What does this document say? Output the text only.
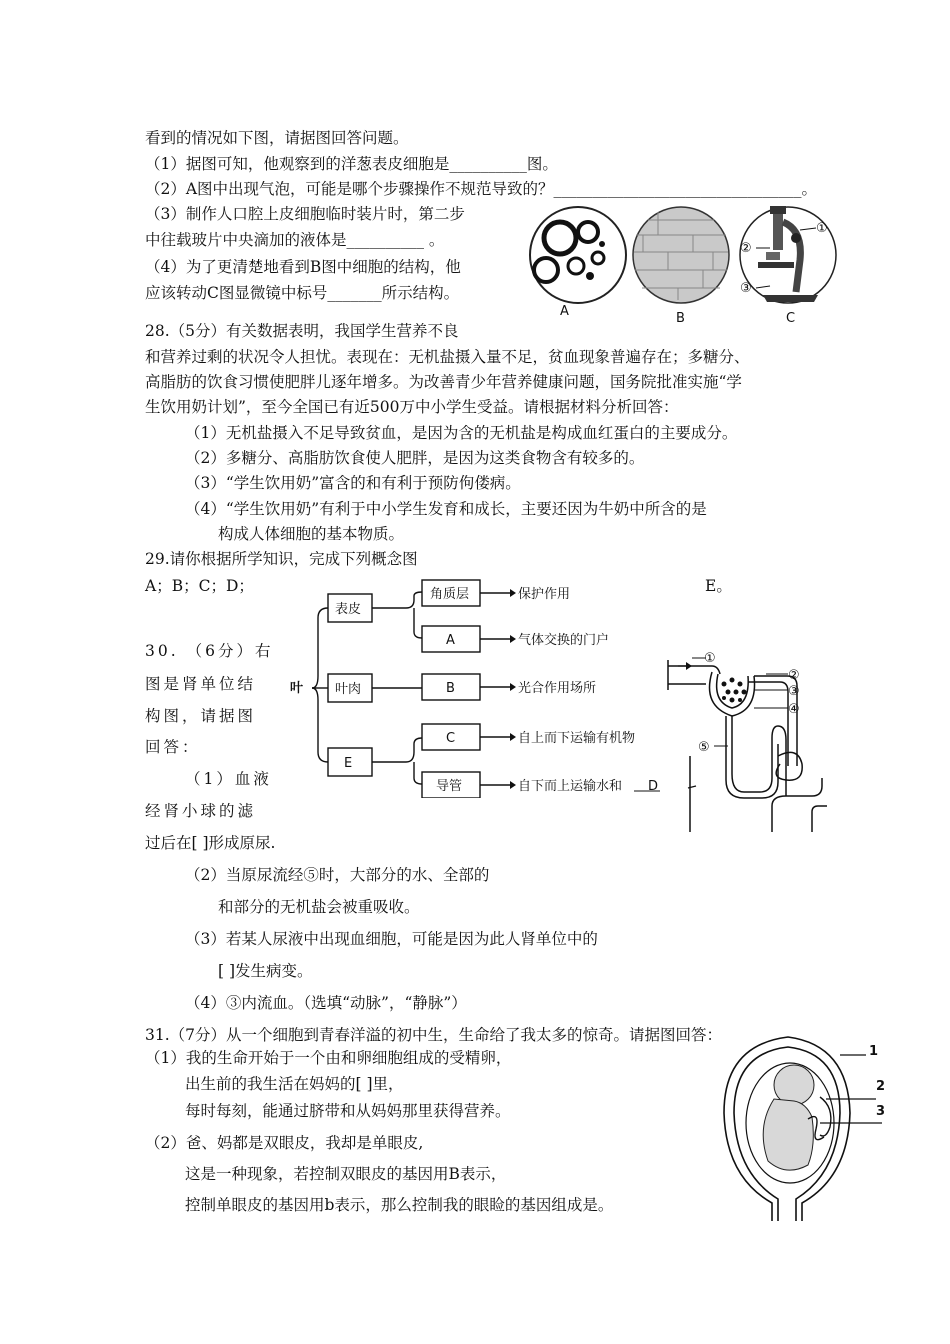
看到的情况如下图，请据图回答问题。
（1）据图可知，他观察到的洋葱表皮细胞是__________图。
（2）A图中出现气泡，可能是哪个步骤操作不规范导致的？________________________________。
（3）制作人口腔上皮细胞临时装片时，第二步
中往载玻片中央滴加的液体是__________ 。
（4）为了更清楚地看到B图中细胞的结构，他
应该转动C图显微镜中标号_______所示结构。
A	B
①
②
③
C
28.（5分）有关数据表明，我国学生营养不良
和营养过剩的状况令人担忧。表现在：无机盐摄入量不足，贫血现象普遍存在；多糖分、
高脂肪的饮食习惯使肥胖儿逐年增多。为改善青少年营养健康问题，国务院批准实施“学
生饮用奶计划”，至今全国已有近500万中小学生受益。请根据材料分析回答：
（1）无机盐摄入不足导致贫血，是因为含的无机盐是构成血红蛋白的主要成分。
（2）多糖分、高脂肪饮食使人肥胖，是因为这类食物含有较多的。
（3）“学生饮用奶”富含的和有利于预防佝偻病。
（4）“学生饮用奶”有利于中小学生发育和成长，主要还因为牛奶中所含的是
构成人体细胞的基本物质。
29.请你根据所学知识，完成下列概念图
A；B；C；D；	E。
叶
表皮
叶肉
E
角质层
A
B
C
导管
保护作用
气体交换的门户
光合作用场所
自上而下运输有机物
自下而上运输水和 D
30. （6分）右
图是肾单位结
构图，请据图
回答：
（1）血液
经肾小球的滤
过后在[ ]形成原尿.
（2）当原尿流经⑤时，大部分的水、全部的
和部分的无机盐会被重吸收。
（3）若某人尿液中出现血细胞，可能是因为此人肾单位中的
[ ]发生病变。
（4）③内流血。（选填“动脉”，“静脉”）
①
②
③
④
⑤
31.（7分）从一个细胞到青春洋溢的初中生，生命给了我太多的惊奇。请据图回答：
（1）我的生命开始于一个由和卵细胞组成的受精卵，
出生前的我生活在妈妈的[ ]里，
每时每刻，能通过脐带和从妈妈那里获得营养。
（2）爸、妈都是双眼皮，我却是单眼皮,
这是一种现象，若控制双眼皮的基因用B表示，
控制单眼皮的基因用b表示，那么控制我的眼睑的基因组成是。
1
2
3
